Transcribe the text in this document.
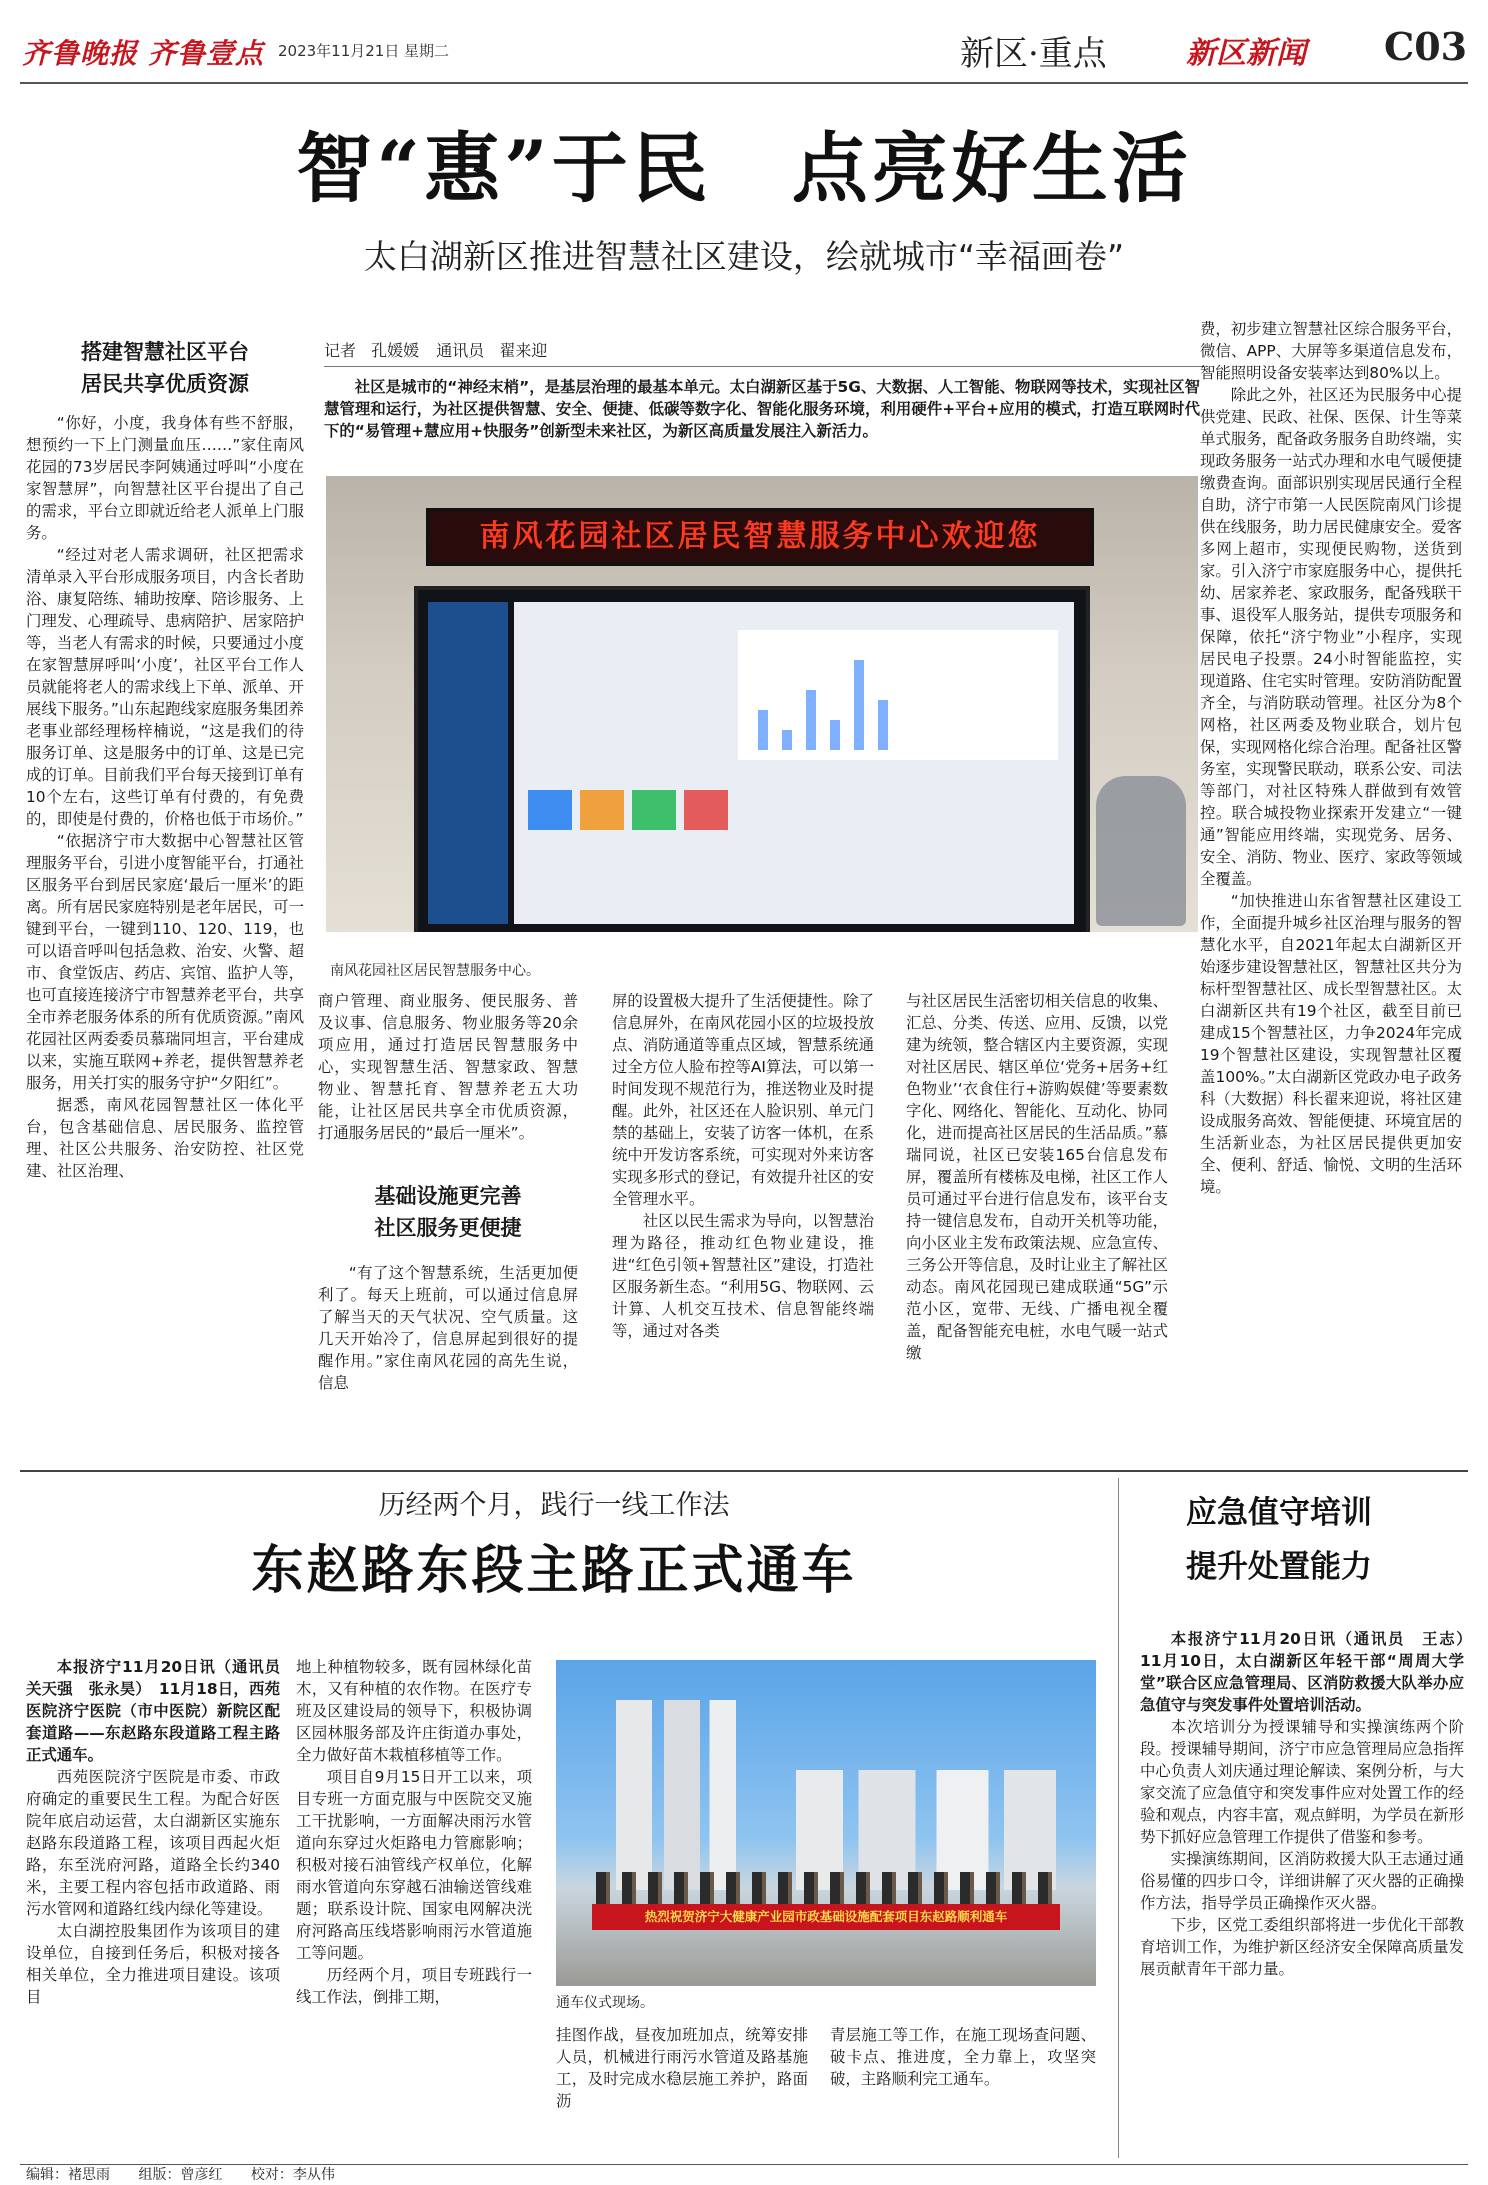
齐鲁晚报 齐鲁壹点 2023年11月21日 星期二	新区·重点	新区新闻 C03
智“惠”于民　点亮好生活
太白湖新区推进智慧社区建设，绘就城市“幸福画卷”
搭建智慧社区平台
居民共享优质资源

“你好，小度，我身体有些不舒服，想预约一下上门测量血压……”家住南风花园的73岁居民李阿姨通过呼叫“小度在家智慧屏”，向智慧社区平台提出了自己的需求，平台立即就近给老人派单上门服务。

“经过对老人需求调研，社区把需求清单录入平台形成服务项目，内含长者助浴、康复陪练、辅助按摩、陪诊服务、上门理发、心理疏导、患病陪护、居家陪护等，当老人有需求的时候，只要通过小度在家智慧屏呼叫‘小度’，社区平台工作人员就能将老人的需求线上下单、派单、开展线下服务。”山东起跑线家庭服务集团养老事业部经理杨梓楠说，“这是我们的待服务订单、这是服务中的订单、这是已完成的订单。目前我们平台每天接到订单有10个左右，这些订单有付费的，有免费的，即使是付费的，价格也低于市场价。”

“依据济宁市大数据中心智慧社区管理服务平台，引进小度智能平台，打通社区服务平台到居民家庭‘最后一厘米’的距离。所有居民家庭特别是老年居民，可一键到平台，一键到110、120、119，也可以语音呼叫包括急救、治安、火警、超市、食堂饭店、药店、宾馆、监护人等，也可直接连接济宁市智慧养老平台，共享全市养老服务体系的所有优质资源。”南风花园社区两委委员慕瑞同坦言，平台建成以来，实施互联网+养老，提供智慧养老服务，用关打实的服务守护“夕阳红”。

据悉，南风花园智慧社区一体化平台，包含基础信息、居民服务、监控管理、社区公共服务、治安防控、社区党建、社区治理、

记者 孔媛媛 通讯员 翟来迎

社区是城市的“神经末梢”，是基层治理的最基本单元。太白湖新区基于5G、大数据、人工智能、物联网等技术，实现社区智慧管理和运行，为社区提供智慧、安全、便捷、低碳等数字化、智能化服务环境，利用硬件+平台+应用的模式，打造互联网时代下的“易管理+慧应用+快服务”创新型未来社区，为新区高质量发展注入新活力。

南风花园社区居民智慧服务中心欢迎您
南风花园社区居民智慧服务中心。

商户管理、商业服务、便民服务、普及议事、信息服务、物业服务等20余项应用，通过打造居民智慧服务中心，实现智慧生活、智慧家政、智慧物业、智慧托育、智慧养老五大功能，让社区居民共享全市优质资源，打通服务居民的“最后一厘米”。

基础设施更完善
社区服务更便捷

“有了这个智慧系统，生活更加便利了。每天上班前，可以通过信息屏了解当天的天气状况、空气质量。这几天开始冷了，信息屏起到很好的提醒作用。”家住南风花园的高先生说，信息

屏的设置极大提升了生活便捷性。除了信息屏外，在南风花园小区的垃圾投放点、消防通道等重点区域，智慧系统通过全方位人脸布控等AI算法，可以第一时间发现不规范行为，推送物业及时提醒。此外，社区还在人脸识别、单元门禁的基础上，安装了访客一体机，在系统中开发访客系统，可实现对外来访客实现多形式的登记，有效提升社区的安全管理水平。

社区以民生需求为导向，以智慧治理为路径，推动红色物业建设，推进“红色引领+智慧社区”建设，打造社区服务新生态。“利用5G、物联网、云计算、人机交互技术、信息智能终端等，通过对各类

与社区居民生活密切相关信息的收集、汇总、分类、传送、应用、反馈，以党建为统领，整合辖区内主要资源，实现对社区居民、辖区单位‘党务+居务+红色物业’‘衣食住行+游购娱健’等要素数字化、网络化、智能化、互动化、协同化，进而提高社区居民的生活品质。”慕瑞同说，社区已安装165台信息发布屏，覆盖所有楼栋及电梯，社区工作人员可通过平台进行信息发布，该平台支持一键信息发布，自动开关机等功能，向小区业主发布政策法规、应急宣传、三务公开等信息，及时让业主了解社区动态。南风花园现已建成联通“5G”示范小区，宽带、无线、广播电视全覆盖，配备智能充电桩，水电气暖一站式缴

费，初步建立智慧社区综合服务平台，微信、APP、大屏等多渠道信息发布，智能照明设备安装率达到80%以上。

除此之外，社区还为民服务中心提供党建、民政、社保、医保、计生等菜单式服务，配备政务服务自助终端，实现政务服务一站式办理和水电气暖便捷缴费查询。面部识别实现居民通行全程自助，济宁市第一人民医院南风门诊提供在线服务，助力居民健康安全。爱客多网上超市，实现便民购物，送货到家。引入济宁市家庭服务中心，提供托幼、居家养老、家政服务，配备残联干事、退役军人服务站，提供专项服务和保障，依托“济宁物业”小程序，实现居民电子投票。24小时智能监控，实现道路、住宅实时管理。安防消防配置齐全，与消防联动管理。社区分为8个网格，社区两委及物业联合，划片包保，实现网格化综合治理。配备社区警务室，实现警民联动，联系公安、司法等部门，对社区特殊人群做到有效管控。联合城投物业探索开发建立“一键通”智能应用终端，实现党务、居务、安全、消防、物业、医疗、家政等领域全覆盖。

“加快推进山东省智慧社区建设工作，全面提升城乡社区治理与服务的智慧化水平，自2021年起太白湖新区开始逐步建设智慧社区，智慧社区共分为标杆型智慧社区、成长型智慧社区。太白湖新区共有19个社区，截至目前已建成15个智慧社区，力争2024年完成19个智慧社区建设，实现智慧社区覆盖100%。”太白湖新区党政办电子政务科（大数据）科长翟来迎说，将社区建设成服务高效、智能便捷、环境宜居的生活新业态，为社区居民提供更加安全、便利、舒适、愉悦、文明的生活环境。

历经两个月，践行一线工作法
东赵路东段主路正式通车

本报济宁11月20日讯（通讯员　关天强　张永昊）　11月18日，西苑医院济宁医院（市中医院）新院区配套道路——东赵路东段道路工程主路正式通车。

西苑医院济宁医院是市委、市政府确定的重要民生工程。为配合好医院年底启动运营，太白湖新区实施东赵路东段道路工程，该项目西起火炬路，东至洸府河路，道路全长约340米，主要工程内容包括市政道路、雨污水管网和道路红线内绿化等建设。

太白湖控股集团作为该项目的建设单位，自接到任务后，积极对接各相关单位，全力推进项目建设。该项目

地上种植物较多，既有园林绿化苗木，又有种植的农作物。在医疗专班及区建设局的领导下，积极协调区园林服务部及许庄街道办事处，全力做好苗木栽植移植等工作。

项目自9月15日开工以来，项目专班一方面克服与中医院交叉施工干扰影响，一方面解决雨污水管道向东穿过火炬路电力管廊影响；积极对接石油管线产权单位，化解雨水管道向东穿越石油输送管线难题；联系设计院、国家电网解决洸府河路高压线塔影响雨污水管道施工等问题。

历经两个月，项目专班践行一线工作法，倒排工期，

热烈祝贺济宁大健康产业园市政基础设施配套项目东赵路顺利通车
通车仪式现场。

挂图作战，昼夜加班加点，统筹安排人员，机械进行雨污水管道及路基施工，及时完成水稳层施工养护，路面沥

青层施工等工作，在施工现场查问题、破卡点、推进度，全力靠上，攻坚突破，主路顺利完工通车。

应急值守培训
提升处置能力

本报济宁11月20日讯（通讯员　王志）　11月10日，太白湖新区年轻干部“周周大学堂”联合区应急管理局、区消防救援大队举办应急值守与突发事件处置培训活动。

本次培训分为授课辅导和实操演练两个阶段。授课辅导期间，济宁市应急管理局应急指挥中心负责人刘庆通过理论解读、案例分析，与大家交流了应急值守和突发事件应对处置工作的经验和观点，内容丰富，观点鲜明，为学员在新形势下抓好应急管理工作提供了借鉴和参考。

实操演练期间，区消防救援大队王志通过通俗易懂的四步口令，详细讲解了灭火器的正确操作方法，指导学员正确操作灭火器。

下步，区党工委组织部将进一步优化干部教育培训工作，为维护新区经济安全保障高质量发展贡献青年干部力量。

编辑：褚思雨 组版：曾彦红 校对：李从伟
